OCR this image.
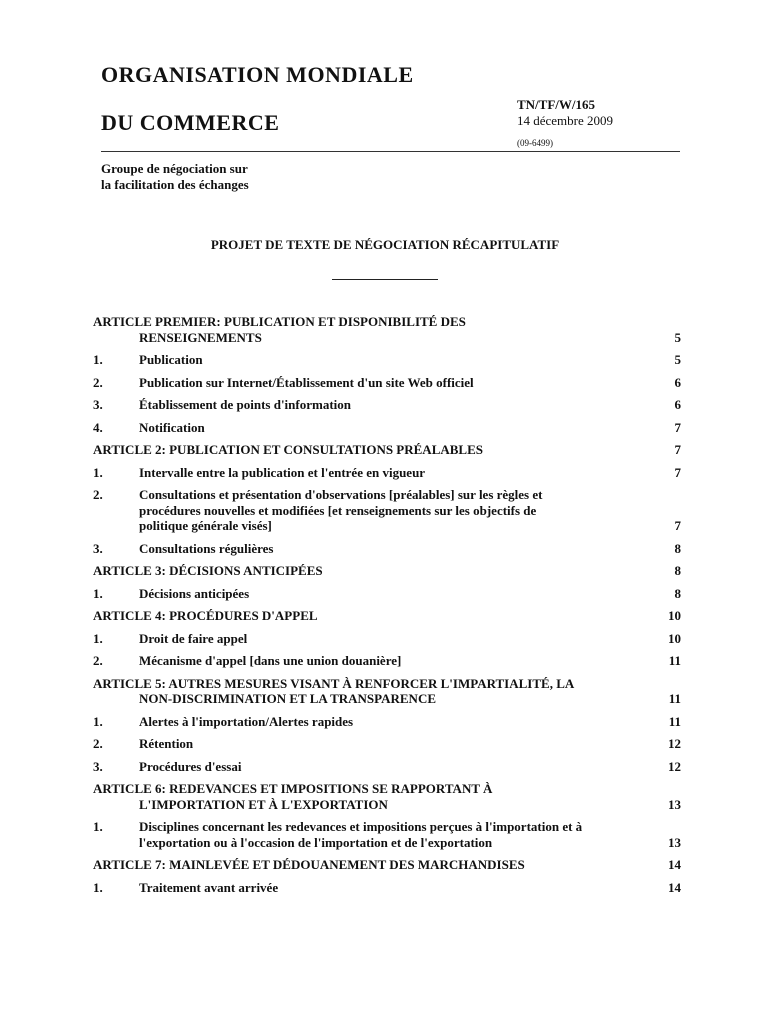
ORGANISATION MONDIALE
DU COMMERCE
TN/TF/W/165
14 décembre 2009
(09-6499)
Groupe de négociation sur
la facilitation des échanges
PROJET DE TEXTE DE NÉGOCIATION RÉCAPITULATIF
ARTICLE PREMIER: PUBLICATION ET DISPONIBILITÉ DES
RENSEIGNEMENTS	5
1.	Publication	5
2.	Publication sur Internet/Établissement d'un site Web officiel	6
3.	Établissement de points d'information	6
4.	Notification	7
ARTICLE 2: PUBLICATION ET CONSULTATIONS PRÉALABLES	7
1.	Intervalle entre la publication et l'entrée en vigueur	7
2.	Consultations et présentation d'observations [préalables] sur les règles et
procédures nouvelles et modifiées [et renseignements sur les objectifs de
politique générale visés]	7
3.	Consultations régulières	8
ARTICLE 3: DÉCISIONS ANTICIPÉES	8
1.	Décisions anticipées	8
ARTICLE 4: PROCÉDURES D'APPEL	10
1.	Droit de faire appel	10
2.	Mécanisme d'appel [dans une union douanière]	11
ARTICLE 5: AUTRES MESURES VISANT À RENFORCER L'IMPARTIALITÉ, LA
NON-DISCRIMINATION ET LA TRANSPARENCE	11
1.	Alertes à l'importation/Alertes rapides	11
2.	Rétention	12
3.	Procédures d'essai	12
ARTICLE 6: REDEVANCES ET IMPOSITIONS SE RAPPORTANT À
L'IMPORTATION ET À L'EXPORTATION	13
1.	Disciplines concernant les redevances et impositions perçues à l'importation et à
l'exportation ou à l'occasion de l'importation et de l'exportation	13
ARTICLE 7: MAINLEVÉE ET DÉDOUANEMENT DES MARCHANDISES	14
1.	Traitement avant arrivée	14
